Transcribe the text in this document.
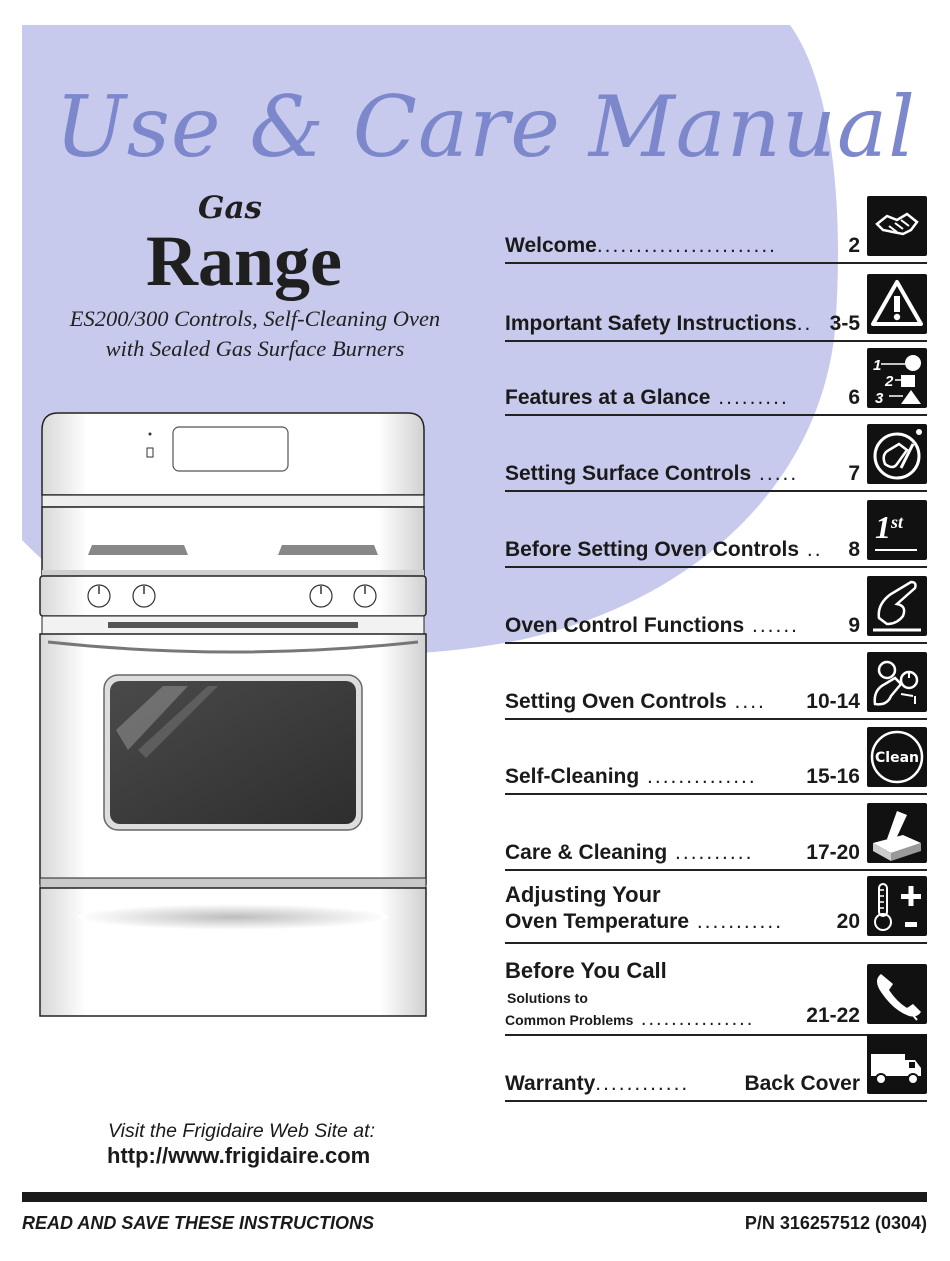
Use & Care Manual
Gas
Range
ES200/300 Controls, Self-Cleaning Oven
with Sealed Gas Surface Burners
Welcome.......................	2
Important Safety Instructions.. 3-5
Features at a Glance .........	6
1
2
3
Setting Surface Controls ..... 7
Before Setting Oven Controls .. 8
1 st
Oven Control Functions ...... 9
Setting Oven Controls .... 10-14
Self-Cleaning .............. 15-16
Clean
Care & Cleaning ..........	17-20
Adjusting Your
Oven Temperature ...........	20
Before You Call
Solutions to
Common Problems ............... 21-22
Warranty............	Back Cover
Visit the Frigidaire Web Site at:
http://www.frigidaire.com
READ AND SAVE THESE INSTRUCTIONS	P/N 316257512 (0304)
